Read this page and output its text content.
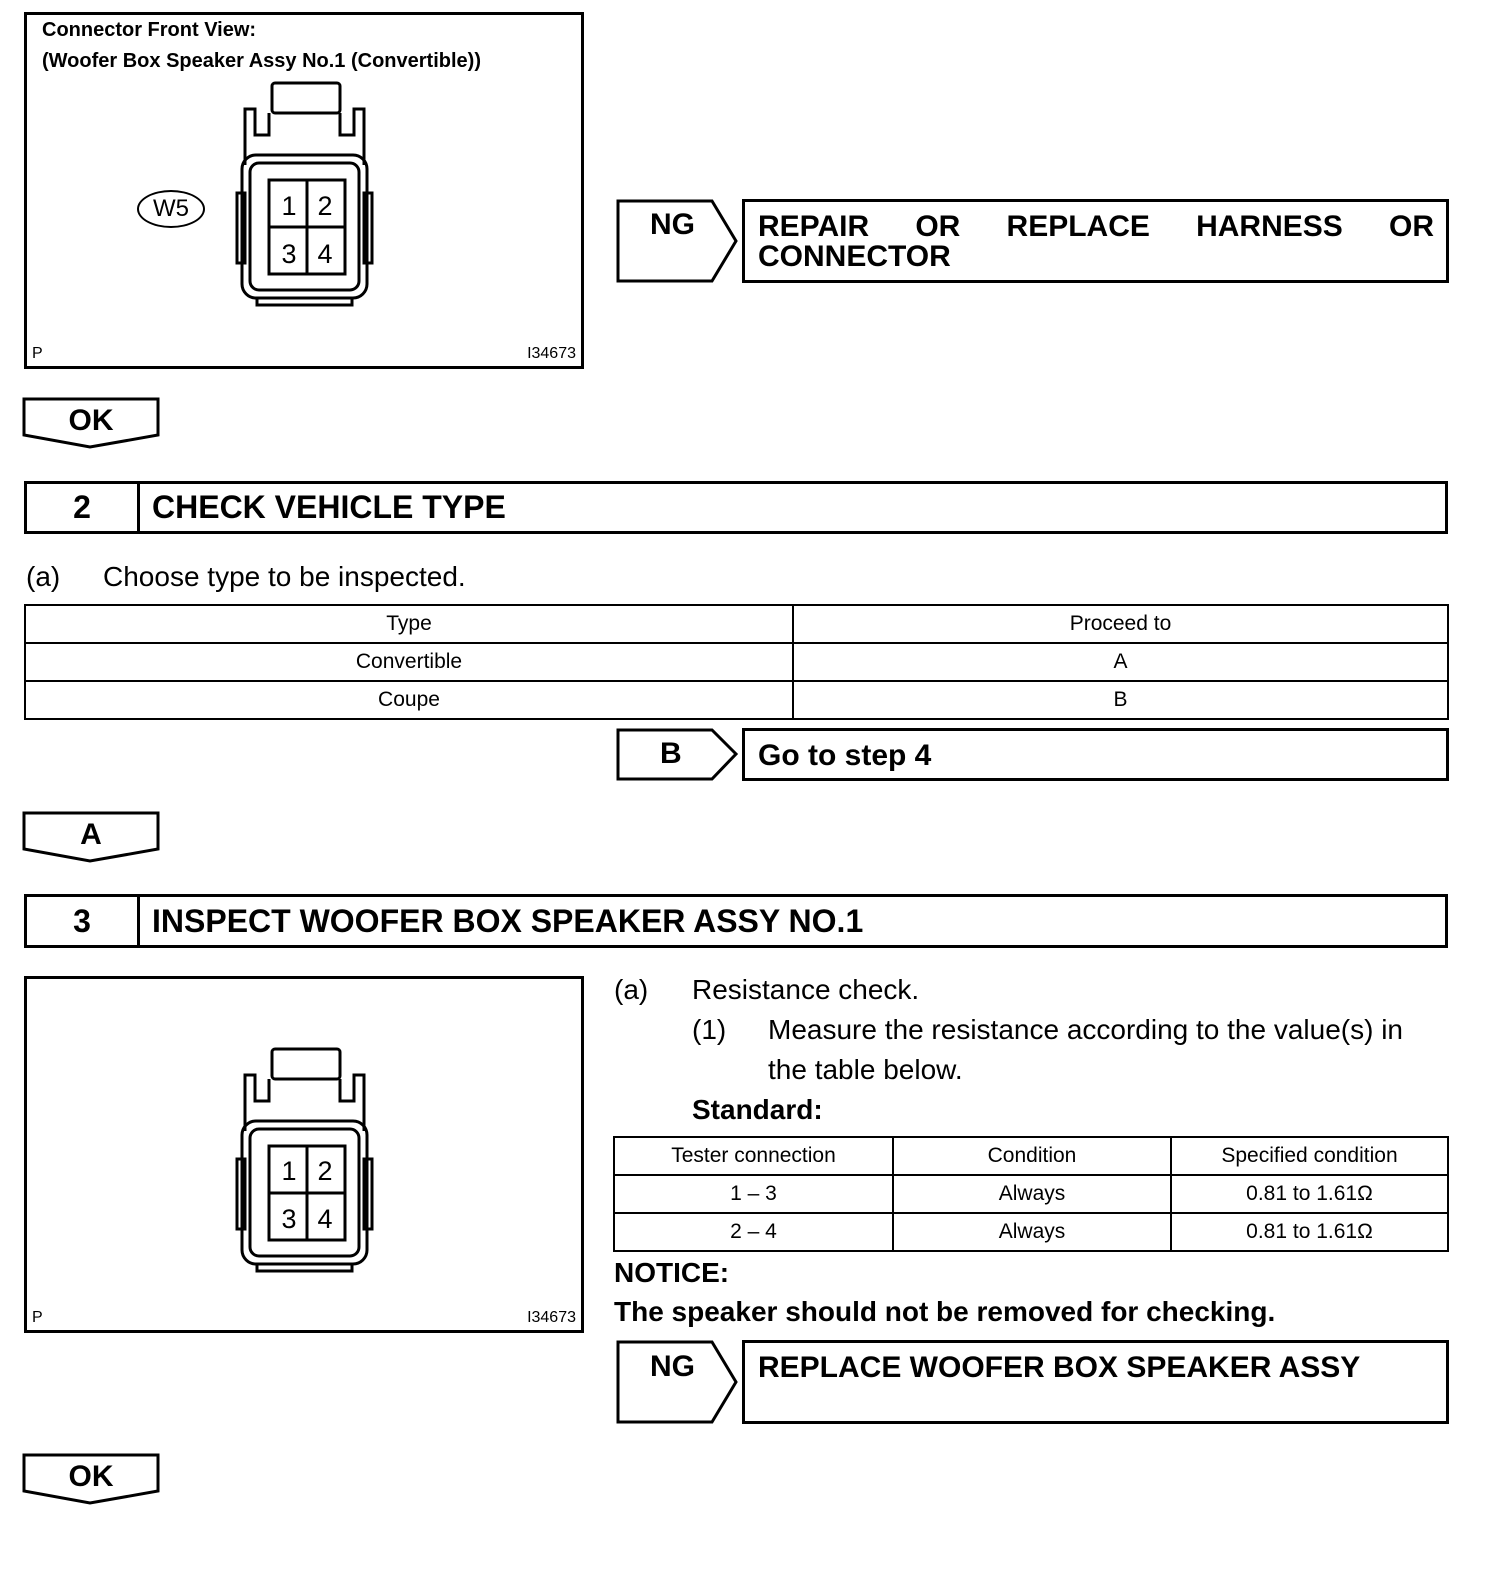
Connector Front View:
(Woofer Box Speaker Assy No.1 (Convertible))
W5	1 2
3 4
P	I34673
NG	REPAIR OR REPLACE HARNESS OR CONNECTOR
OK
2	CHECK VEHICLE TYPE
(a) Choose type to be inspected.
Type	Proceed to
Convertible	A
Coupe	B
B	Go to step 4
A
3	INSPECT WOOFER BOX SPEAKER ASSY NO.1
1 2
3 4
P	I34673
(a) Resistance check.
(1) Measure the resistance according to the value(s) in
the table below.
Standard:
Tester connection	Condition	Specified condition
1 – 3	Always	0.81 to 1.61Ω
2 – 4	Always	0.81 to 1.61Ω
NOTICE:
The speaker should not be removed for checking.
NG	REPLACE WOOFER BOX SPEAKER ASSY
OK
